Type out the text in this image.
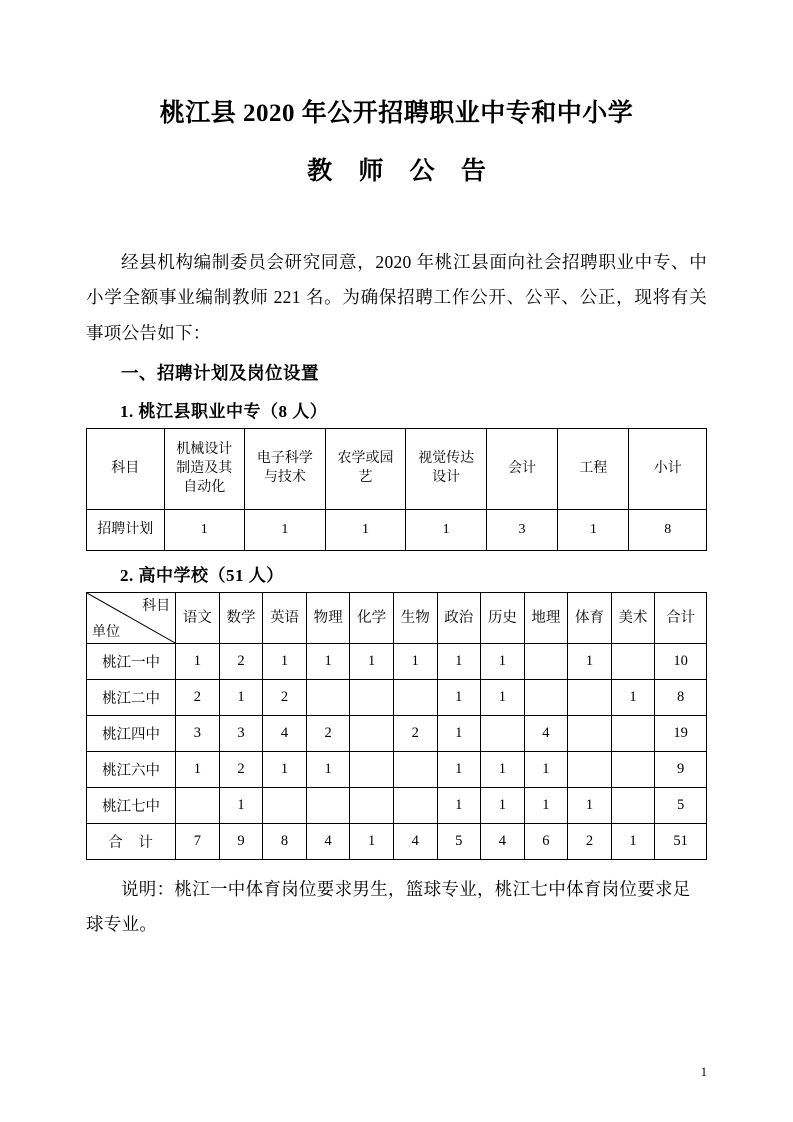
桃江县 2020 年公开招聘职业中专和中小学
教 师 公 告

经县机构编制委员会研究同意，2020 年桃江县面向社会招聘职业中专、中小学全额事业编制教师 221 名。为确保招聘工作公开、公平、公正，现将有关事项公告如下：

一、招聘计划及岗位设置

1. 桃江县职业中专（8 人）

科目	机械设计制造及其自动化	电子科学与技术	农学或园艺	视觉传达设计	会计	工程	小计

招聘计划	1	1	1	1	3	1	8

2. 高中学校（51 人）

科目
单位	语文	数学	英语	物理	化学	生物	政治	历史	地理	体育	美术	合计
桃江一中	1	2	1	1	1	1	1	1		1		10
桃江二中	2	1	2				1	1			1	8
桃江四中	3	3	4	2		2	1		4			19
桃江六中	1	2	1	1			1	1	1			9
桃江七中		1					1	1	1	1		5
合 计	7	9	8	4	1	4	5	4	6	2	1	51

说明：桃江一中体育岗位要求男生，篮球专业，桃江七中体育岗位要求足球专业。

1
